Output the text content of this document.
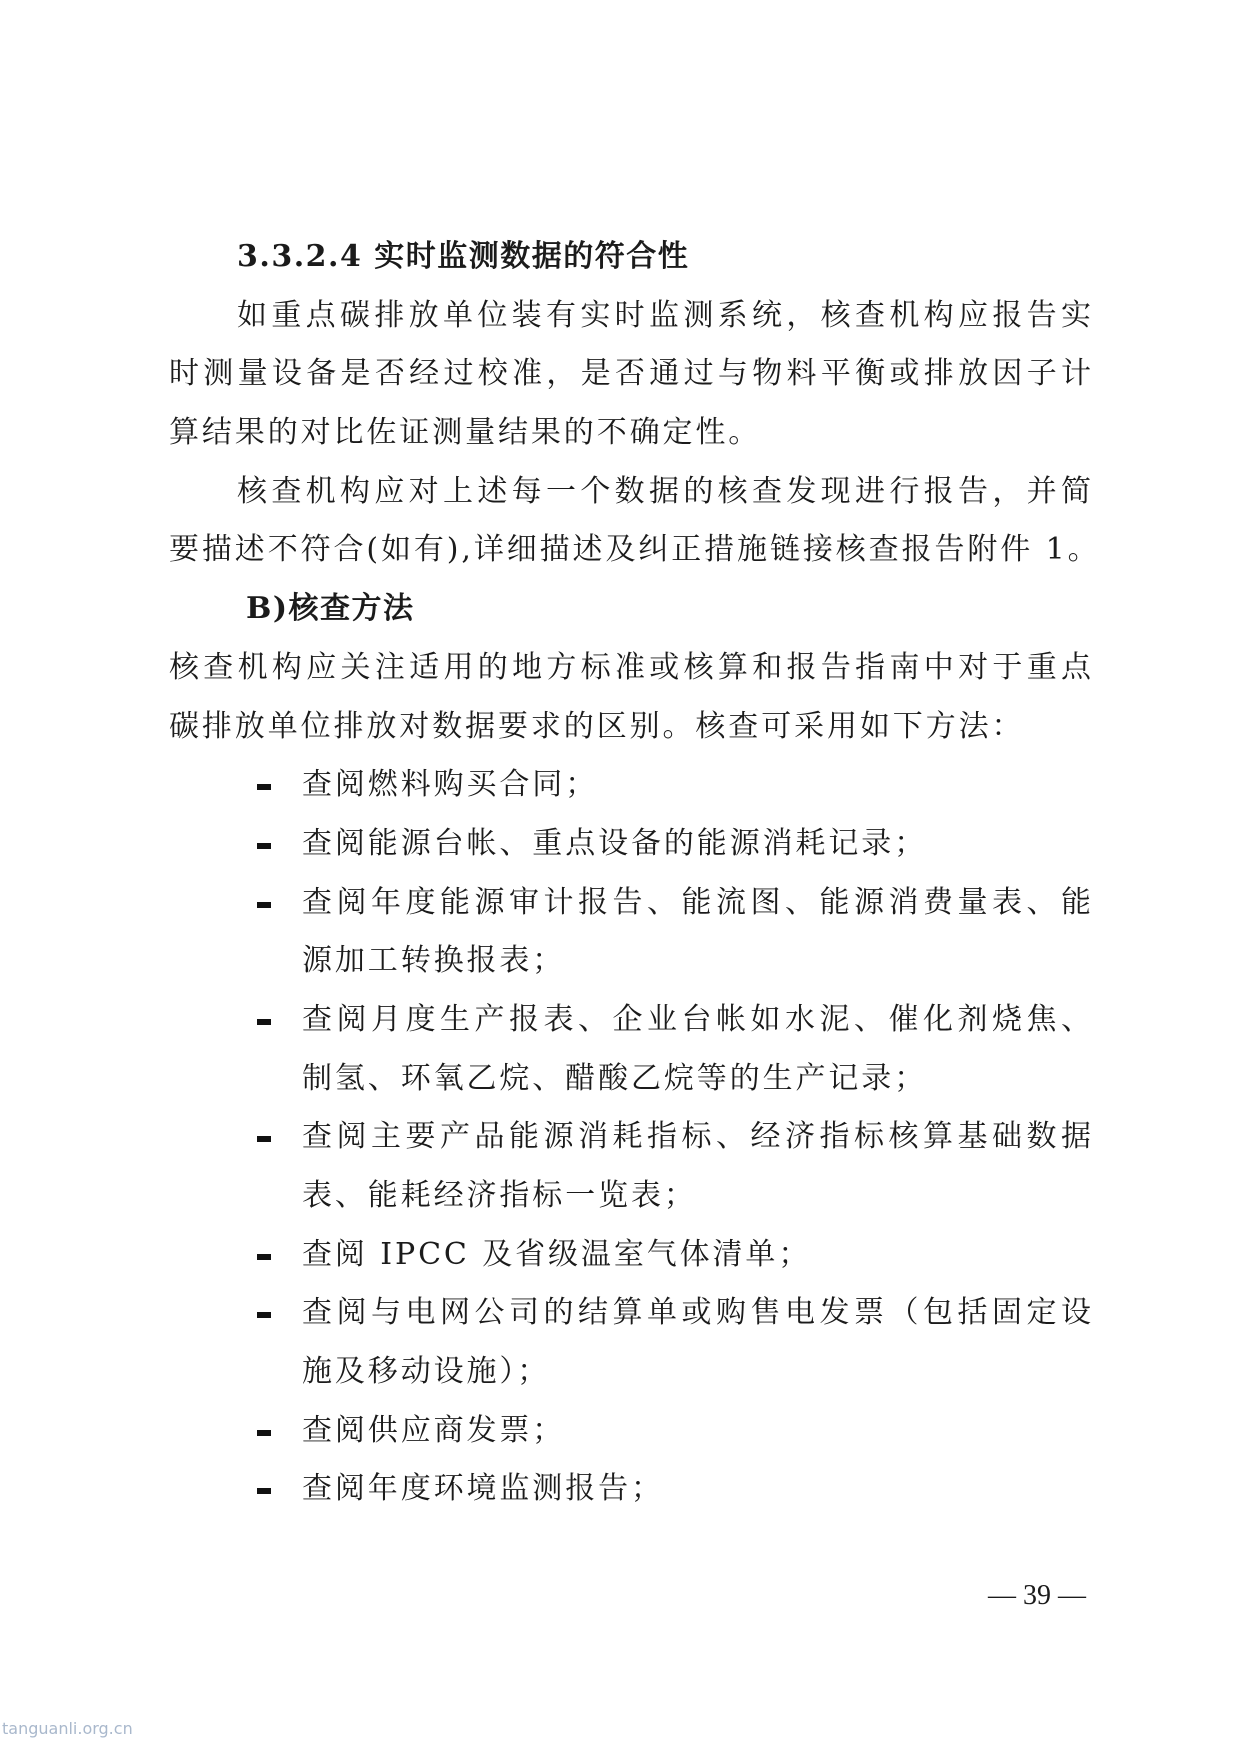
3.3.2.4 实时监测数据的符合性
如重点碳排放单位装有实时监测系统，核查机构应报告实
时测量设备是否经过校准，是否通过与物料平衡或排放因子计
算结果的对比佐证测量结果的不确定性。
核查机构应对上述每一个数据的核查发现进行报告，并简
要描述不符合(如有),详细描述及纠正措施链接核查报告附件 1。
B)核查方法
核查机构应关注适用的地方标准或核算和报告指南中对于重点
碳排放单位排放对数据要求的区别。核查可采用如下方法：
查阅燃料购买合同；
查阅能源台帐、重点设备的能源消耗记录；
查阅年度能源审计报告、能流图、能源消费量表、能
源加工转换报表；
查阅月度生产报表、企业台帐如水泥、催化剂烧焦、
制氢、环氧乙烷、醋酸乙烷等的生产记录；
查阅主要产品能源消耗指标、经济指标核算基础数据
表、能耗经济指标一览表；
查阅 IPCC 及省级温室气体清单；
查阅与电网公司的结算单或购售电发票（包括固定设
施及移动设施）；
查阅供应商发票；
查阅年度环境监测报告；
— 39 —
tanguanli.org.cn
